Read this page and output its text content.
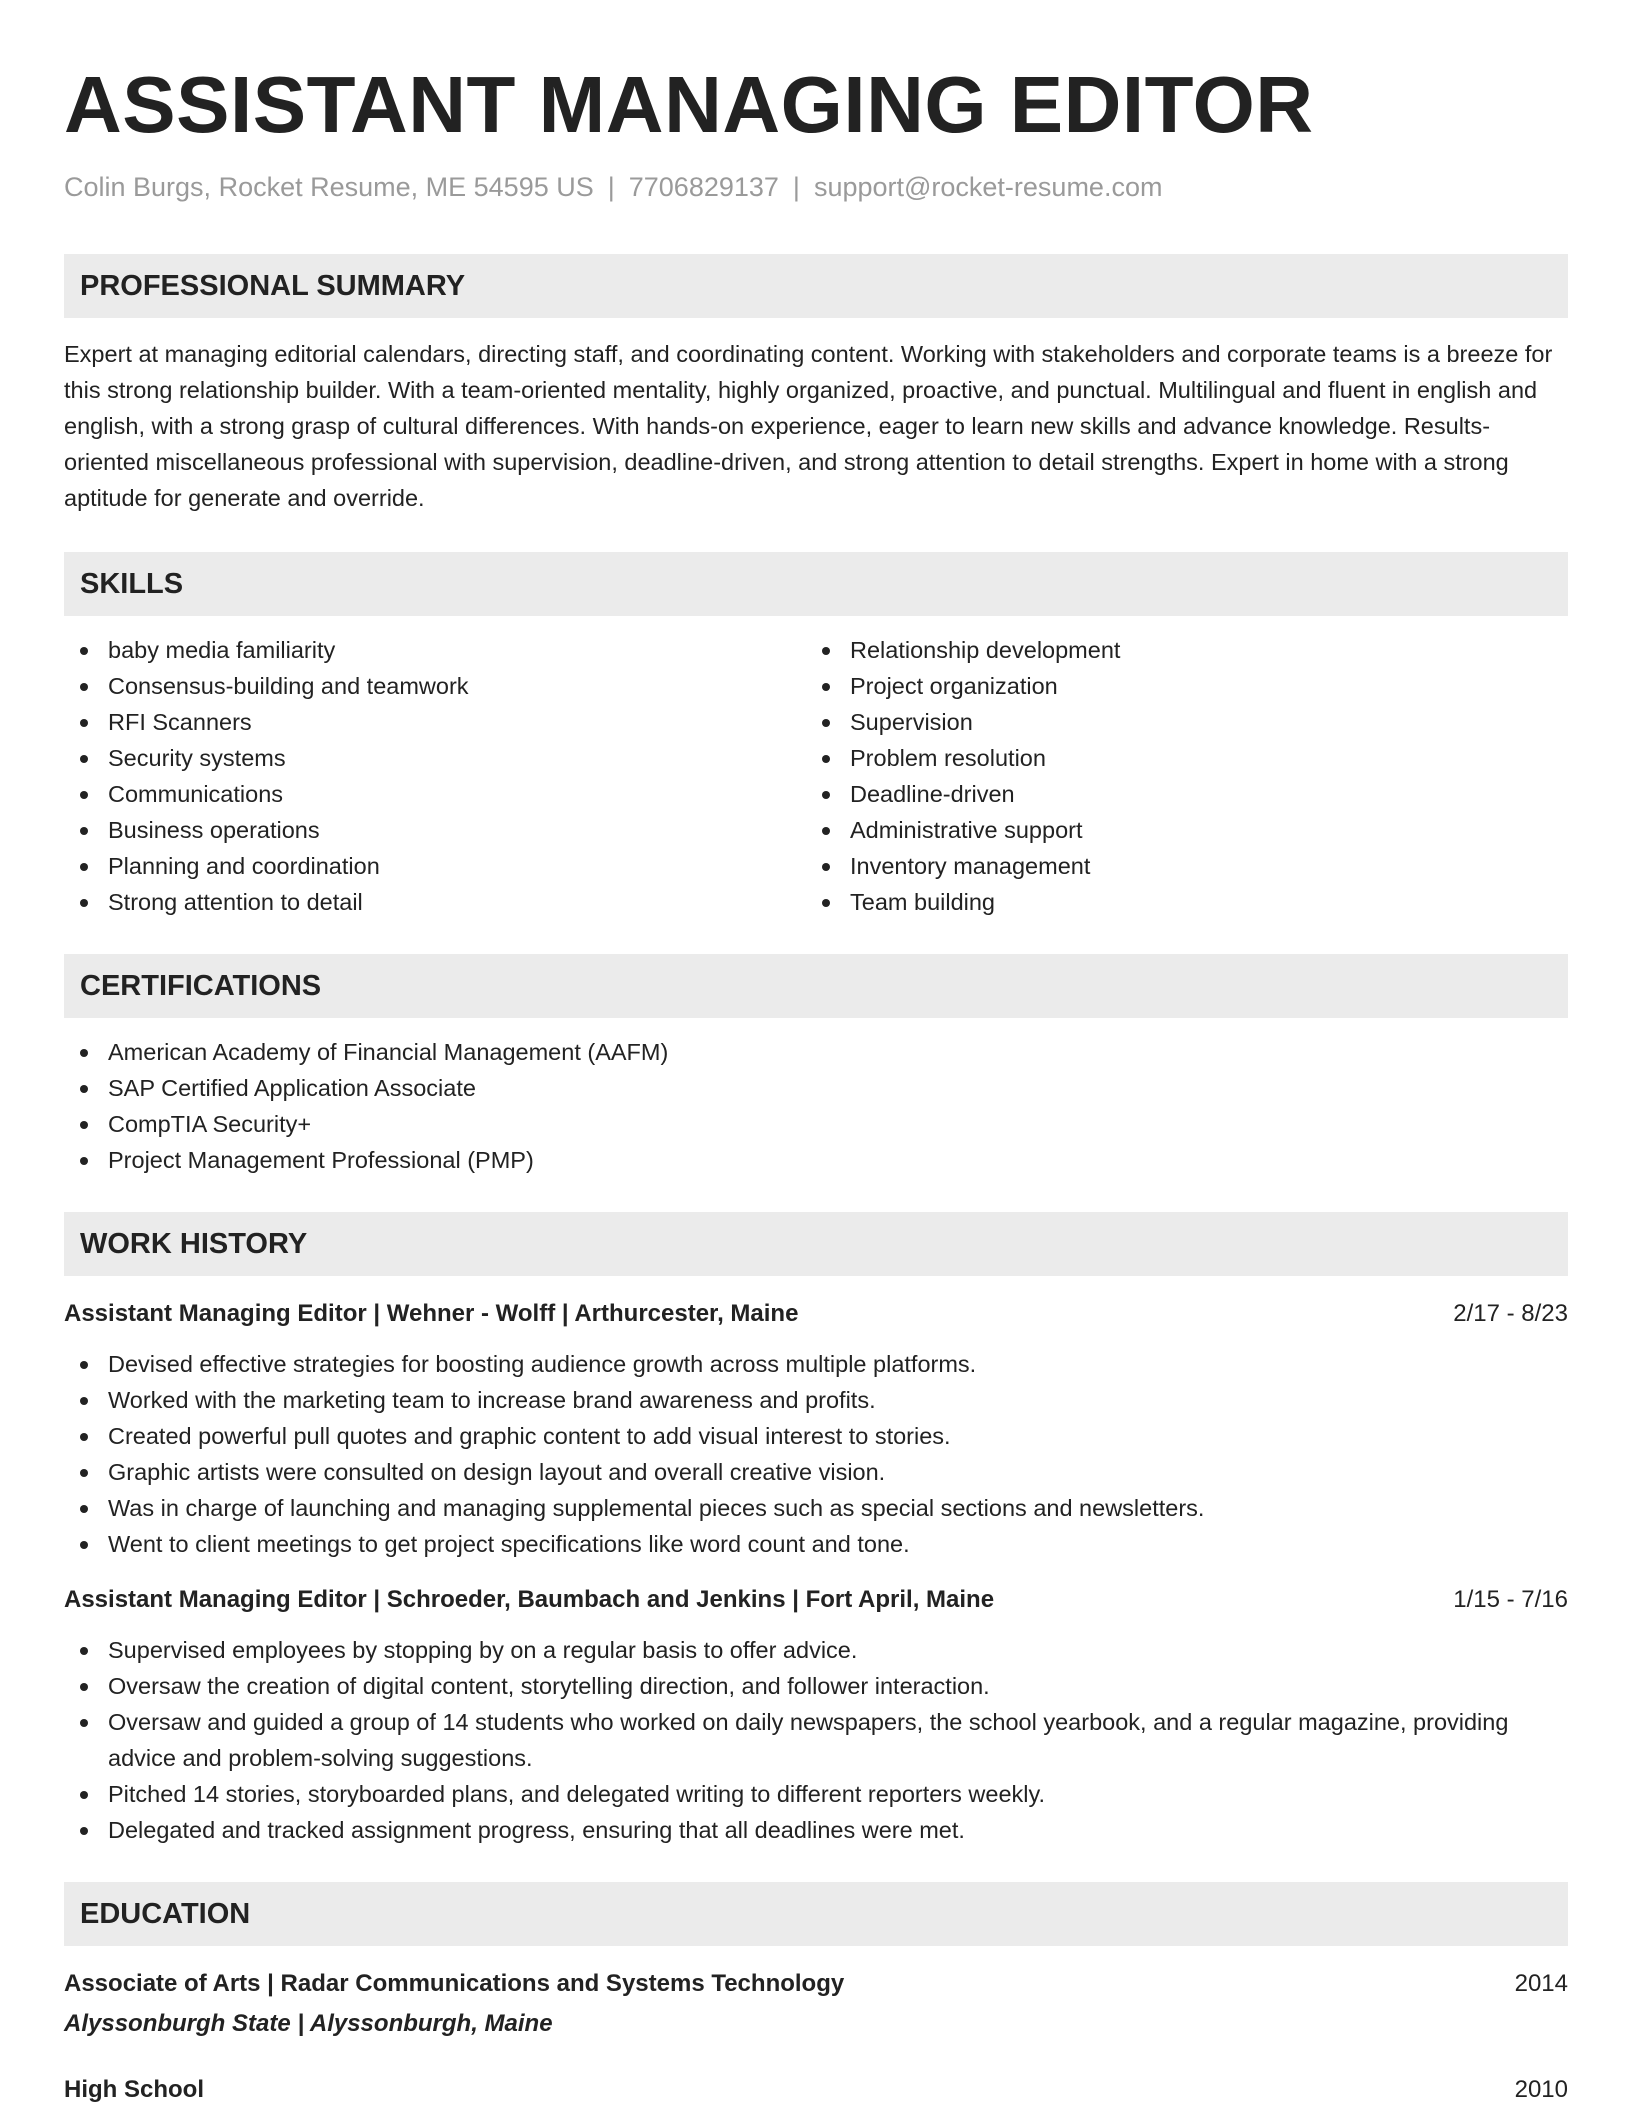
ASSISTANT MANAGING EDITOR
Colin Burgs, Rocket Resume, ME 54595 US | 7706829137 | support@rocket-resume.com
PROFESSIONAL SUMMARY
Expert at managing editorial calendars, directing staff, and coordinating content. Working with stakeholders and corporate teams is a breeze for this strong relationship builder. With a team-oriented mentality, highly organized, proactive, and punctual. Multilingual and fluent in english and english, with a strong grasp of cultural differences. With hands-on experience, eager to learn new skills and advance knowledge. Results-oriented miscellaneous professional with supervision, deadline-driven, and strong attention to detail strengths. Expert in home with a strong aptitude for generate and override.
SKILLS
baby media familiarity
Consensus-building and teamwork
RFI Scanners
Security systems
Communications
Business operations
Planning and coordination
Strong attention to detail
Relationship development
Project organization
Supervision
Problem resolution
Deadline-driven
Administrative support
Inventory management
Team building
CERTIFICATIONS
American Academy of Financial Management (AAFM)
SAP Certified Application Associate
CompTIA Security+
Project Management Professional (PMP)
WORK HISTORY
Assistant Managing Editor | Wehner - Wolff | Arthurcester, Maine	2/17 - 8/23
Devised effective strategies for boosting audience growth across multiple platforms.
Worked with the marketing team to increase brand awareness and profits.
Created powerful pull quotes and graphic content to add visual interest to stories.
Graphic artists were consulted on design layout and overall creative vision.
Was in charge of launching and managing supplemental pieces such as special sections and newsletters.
Went to client meetings to get project specifications like word count and tone.
Assistant Managing Editor | Schroeder, Baumbach and Jenkins | Fort April, Maine	1/15 - 7/16
Supervised employees by stopping by on a regular basis to offer advice.
Oversaw the creation of digital content, storytelling direction, and follower interaction.
Oversaw and guided a group of 14 students who worked on daily newspapers, the school yearbook, and a regular magazine, providing advice and problem-solving suggestions.
Pitched 14 stories, storyboarded plans, and delegated writing to different reporters weekly.
Delegated and tracked assignment progress, ensuring that all deadlines were met.
EDUCATION
Associate of Arts | Radar Communications and Systems Technology	2014
Alyssonburgh State | Alyssonburgh, Maine
High School	2010
